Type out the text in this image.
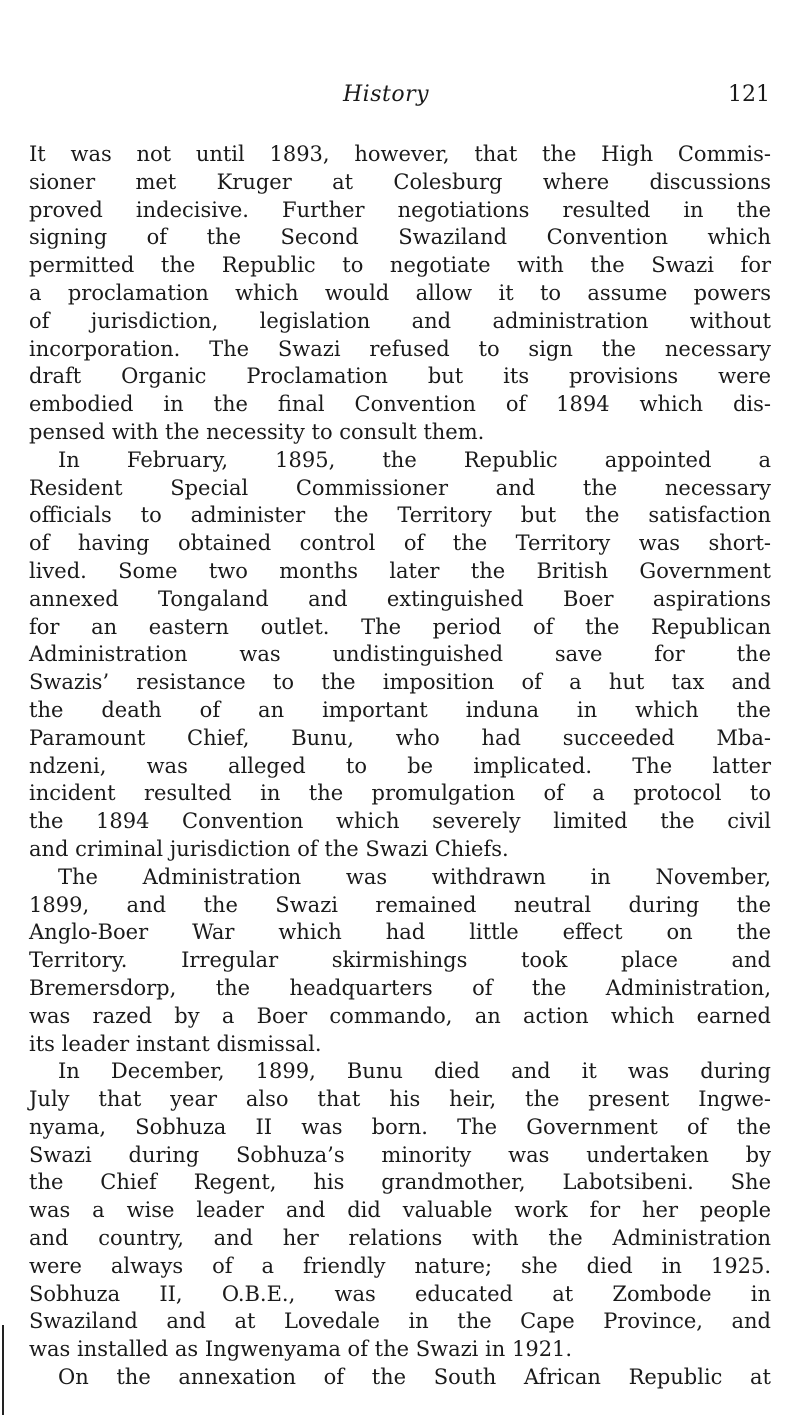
History	121
It was not until 1893, however, that the High Commis-
sioner met Kruger at Colesburg where discussions
proved indecisive. Further negotiations resulted in the
signing of the Second Swaziland Convention which
permitted the Republic to negotiate with the Swazi for
a proclamation which would allow it to assume powers
of jurisdiction, legislation and administration without
incorporation. The Swazi refused to sign the necessary
draft Organic Proclamation but its provisions were
embodied in the final Convention of 1894 which dis-
pensed with the necessity to consult them.
In February, 1895, the Republic appointed a
Resident Special Commissioner and the necessary
officials to administer the Territory but the satisfaction
of having obtained control of the Territory was short-
lived. Some two months later the British Government
annexed Tongaland and extinguished Boer aspirations
for an eastern outlet. The period of the Republican
Administration was undistinguished save for the
Swazis’ resistance to the imposition of a hut tax and
the death of an important induna in which the
Paramount Chief, Bunu, who had succeeded Mba-
ndzeni, was alleged to be implicated. The latter
incident resulted in the promulgation of a protocol to
the 1894 Convention which severely limited the civil
and criminal jurisdiction of the Swazi Chiefs.
The Administration was withdrawn in November,
1899, and the Swazi remained neutral during the
Anglo-Boer War which had little effect on the
Territory. Irregular skirmishings took place and
Bremersdorp, the headquarters of the Administration,
was razed by a Boer commando, an action which earned
its leader instant dismissal.
In December, 1899, Bunu died and it was during
July that year also that his heir, the present Ingwe-
nyama, Sobhuza II was born. The Government of the
Swazi during Sobhuza’s minority was undertaken by
the Chief Regent, his grandmother, Labotsibeni. She
was a wise leader and did valuable work for her people
and country, and her relations with the Administration
were always of a friendly nature; she died in 1925.
Sobhuza II, O.B.E., was educated at Zombode in
Swaziland and at Lovedale in the Cape Province, and
was installed as Ingwenyama of the Swazi in 1921.
On the annexation of the South African Republic at
